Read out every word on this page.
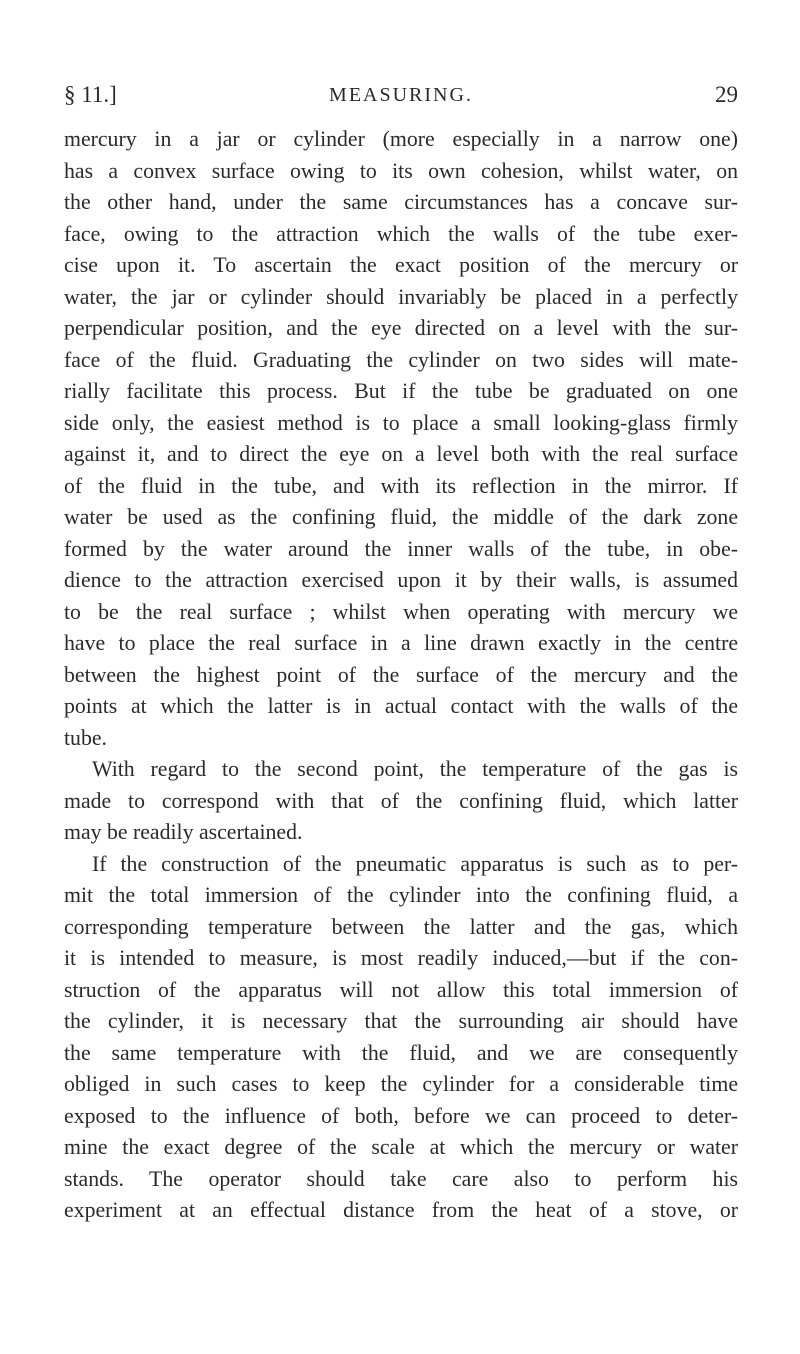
§ 11.]	MEASURING.	29
mercury in a jar or cylinder (more especially in a narrow one)
has a convex surface owing to its own cohesion, whilst water, on
the other hand, under the same circumstances has a concave sur-
face, owing to the attraction which the walls of the tube exer-
cise upon it. To ascertain the exact position of the mercury or
water, the jar or cylinder should invariably be placed in a perfectly
perpendicular position, and the eye directed on a level with the sur-
face of the fluid. Graduating the cylinder on two sides will mate-
rially facilitate this process. But if the tube be graduated on one
side only, the easiest method is to place a small looking-glass firmly
against it, and to direct the eye on a level both with the real surface
of the fluid in the tube, and with its reflection in the mirror. If
water be used as the confining fluid, the middle of the dark zone
formed by the water around the inner walls of the tube, in obe-
dience to the attraction exercised upon it by their walls, is assumed
to be the real surface ; whilst when operating with mercury we
have to place the real surface in a line drawn exactly in the centre
between the highest point of the surface of the mercury and the
points at which the latter is in actual contact with the walls of the
tube.
With regard to the second point, the temperature of the gas is
made to correspond with that of the confining fluid, which latter
may be readily ascertained.
If the construction of the pneumatic apparatus is such as to per-
mit the total immersion of the cylinder into the confining fluid, a
corresponding temperature between the latter and the gas, which
it is intended to measure, is most readily induced,—but if the con-
struction of the apparatus will not allow this total immersion of
the cylinder, it is necessary that the surrounding air should have
the same temperature with the fluid, and we are consequently
obliged in such cases to keep the cylinder for a considerable time
exposed to the influence of both, before we can proceed to deter-
mine the exact degree of the scale at which the mercury or water
stands. The operator should take care also to perform his
experiment at an effectual distance from the heat of a stove, or
